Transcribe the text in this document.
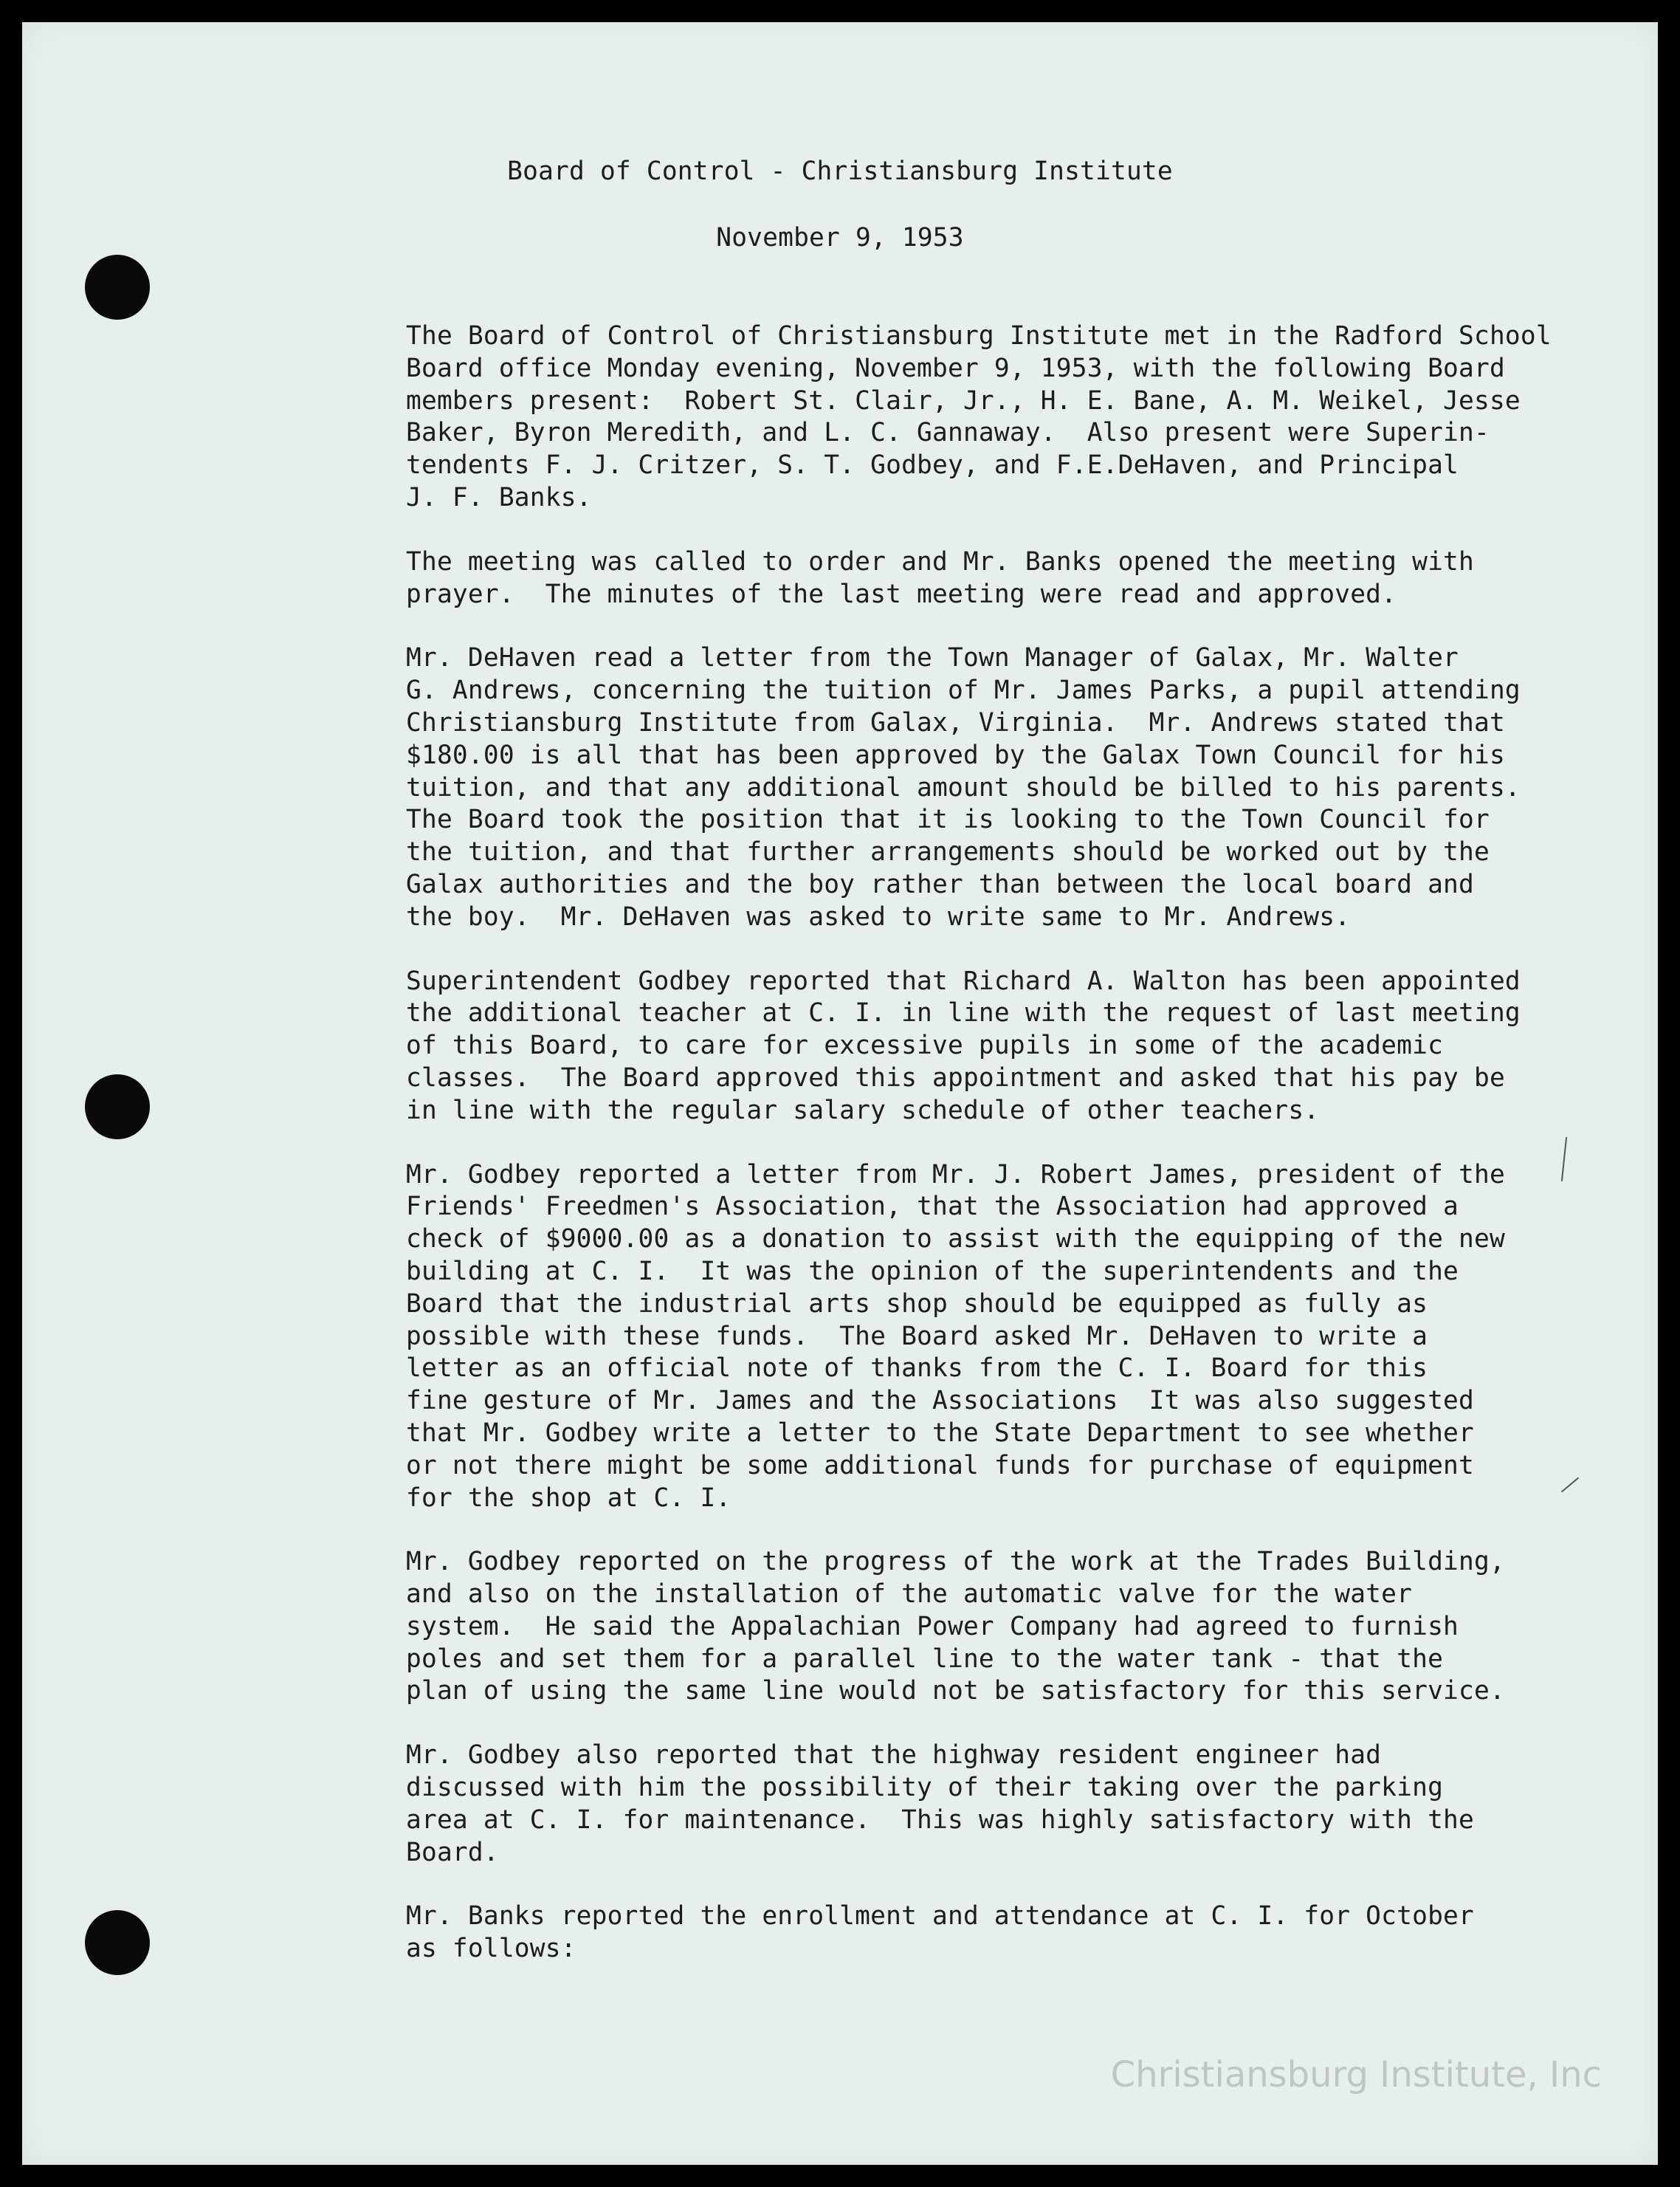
Board of Control - Christiansburg Institute

November 9, 1953

The Board of Control of Christiansburg Institute met in the Radford School
Board office Monday evening, November 9, 1953, with the following Board
members present:  Robert St. Clair, Jr., H. E. Bane, A. M. Weikel, Jesse
Baker, Byron Meredith, and L. C. Gannaway.  Also present were Superin-
tendents F. J. Critzer, S. T. Godbey, and F.E.DeHaven, and Principal
J. F. Banks.
The meeting was called to order and Mr. Banks opened the meeting with
prayer.  The minutes of the last meeting were read and approved.
Mr. DeHaven read a letter from the Town Manager of Galax, Mr. Walter
G. Andrews, concerning the tuition of Mr. James Parks, a pupil attending
Christiansburg Institute from Galax, Virginia.  Mr. Andrews stated that
$180.00 is all that has been approved by the Galax Town Council for his
tuition, and that any additional amount should be billed to his parents.
The Board took the position that it is looking to the Town Council for
the tuition, and that further arrangements should be worked out by the
Galax authorities and the boy rather than between the local board and
the boy.  Mr. DeHaven was asked to write same to Mr. Andrews.
Superintendent Godbey reported that Richard A. Walton has been appointed
the additional teacher at C. I. in line with the request of last meeting
of this Board, to care for excessive pupils in some of the academic
classes.  The Board approved this appointment and asked that his pay be
in line with the regular salary schedule of other teachers.
Mr. Godbey reported a letter from Mr. J. Robert James, president of the
Friends' Freedmen's Association, that the Association had approved a
check of $9000.00 as a donation to assist with the equipping of the new
building at C. I.  It was the opinion of the superintendents and the
Board that the industrial arts shop should be equipped as fully as
possible with these funds.  The Board asked Mr. DeHaven to write a
letter as an official note of thanks from the C. I. Board for this
fine gesture of Mr. James and the Associations  It was also suggested
that Mr. Godbey write a letter to the State Department to see whether
or not there might be some additional funds for purchase of equipment
for the shop at C. I.
Mr. Godbey reported on the progress of the work at the Trades Building,
and also on the installation of the automatic valve for the water
system.  He said the Appalachian Power Company had agreed to furnish
poles and set them for a parallel line to the water tank - that the
plan of using the same line would not be satisfactory for this service.
Mr. Godbey also reported that the highway resident engineer had
discussed with him the possibility of their taking over the parking
area at C. I. for maintenance.  This was highly satisfactory with the
Board.
Mr. Banks reported the enrollment and attendance at C. I. for October
as follows:
Christiansburg Institute, Inc
